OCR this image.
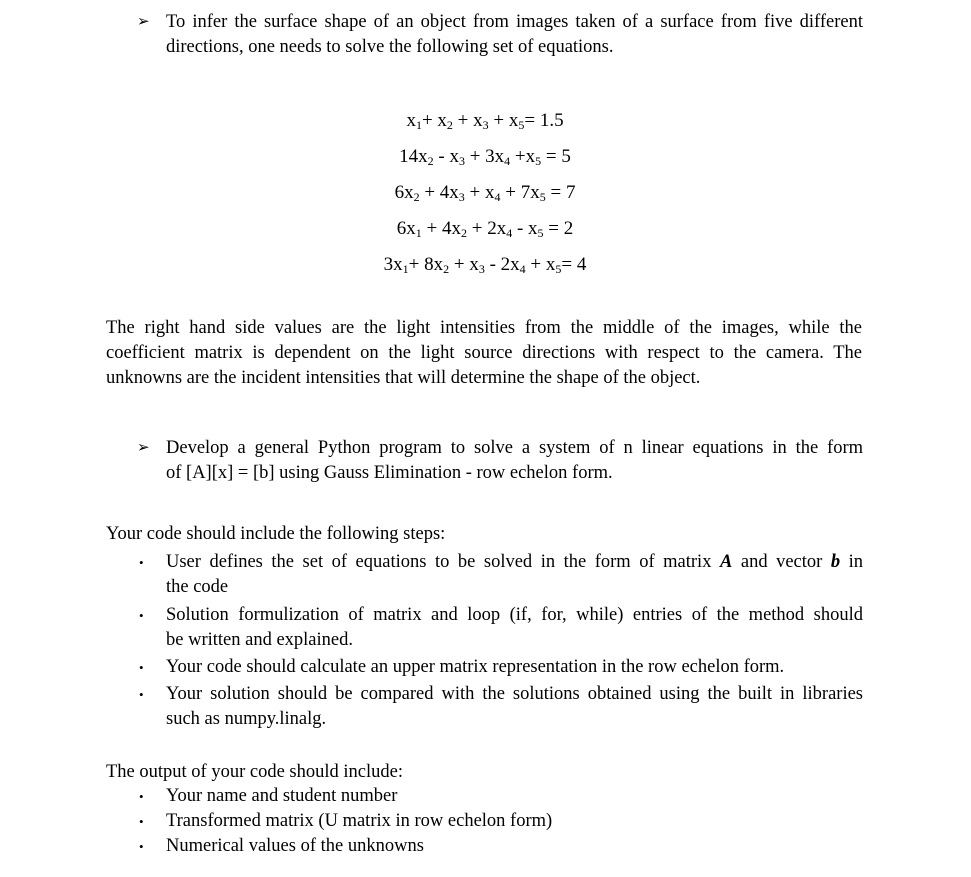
➢ To infer the surface shape of an object from images taken of a surface from five different
directions, one needs to solve the following set of equations.
$x_1+ x_2 + x_3 + x_5= 1.5$
$14x_2 - x_3 + 3x_4 +x_5 = 5$
$6x_2 + 4x_3 + x_4 + 7x_5 = 7$
$6x_1 + 4x_2 + 2x_4 - x_5 = 2$
$3x_1+ 8x_2 + x_3 - 2x_4 + x_5= 4$
The right hand side values are the light intensities from the middle of the images, while the
coefficient matrix is dependent on the light source directions with respect to the camera. The
unknowns are the incident intensities that will determine the shape of the object.
➢ Develop a general Python program to solve a system of n linear equations in the form
of [A][x] = [b] using Gauss Elimination - row echelon form.
Your code should include the following steps:
• User defines the set of equations to be solved in the form of matrix A and vector b in
the code
• Solution formulization of matrix and loop (if, for, while) entries of the method should
be written and explained.
• Your code should calculate an upper matrix representation in the row echelon form.
• Your solution should be compared with the solutions obtained using the built in libraries
such as numpy.linalg.
The output of your code should include:
• Your name and student number
• Transformed matrix (U matrix in row echelon form)
• Numerical values of the unknowns
